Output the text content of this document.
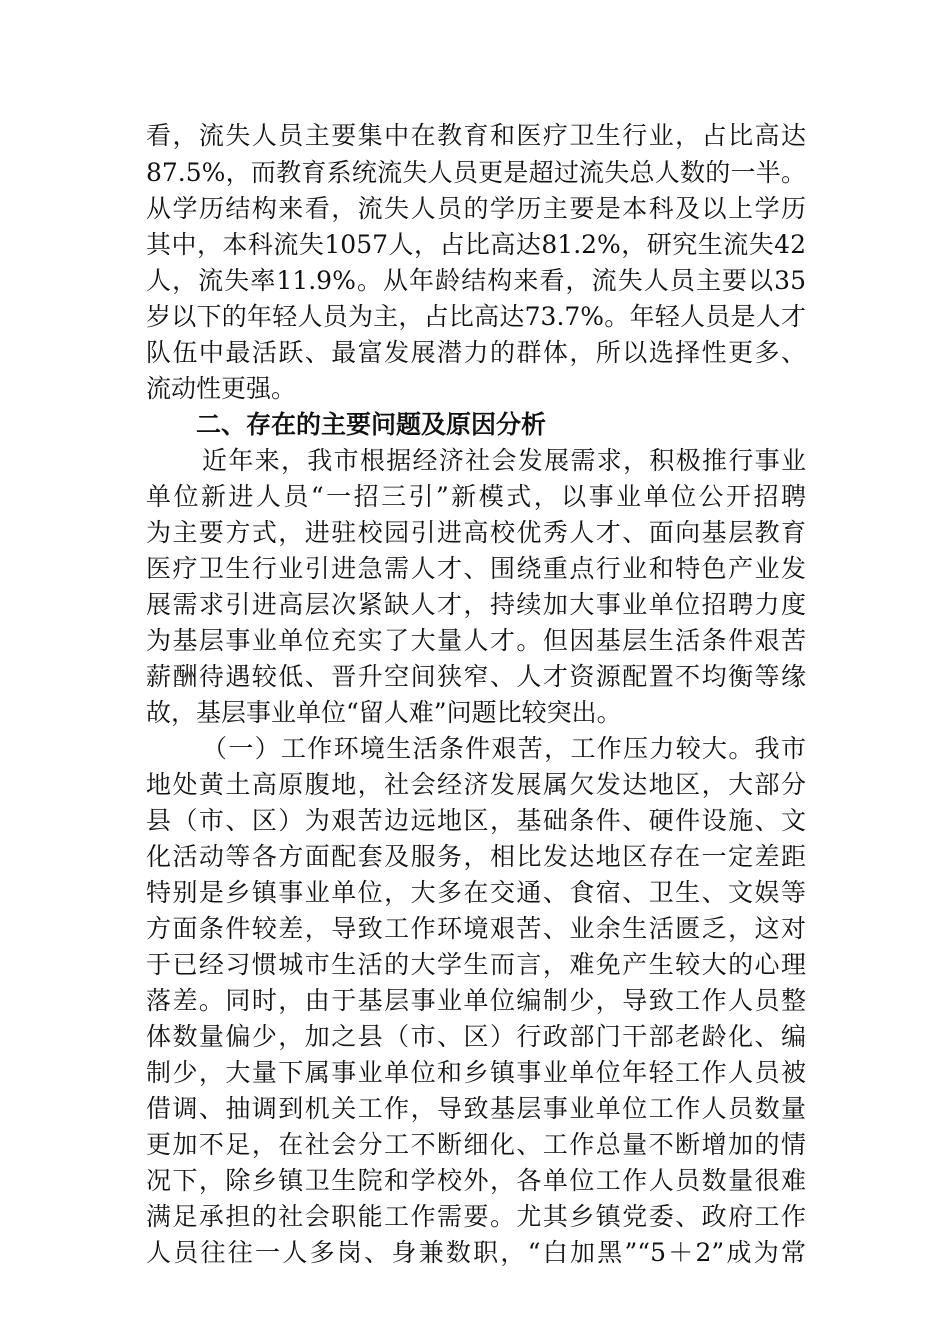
看，流失人员主要集中在教育和医疗卫生行业，占比高达
87.5%，而教育系统流失人员更是超过流失总人数的一半。
从学历结构来看，流失人员的学历主要是本科及以上学历
其中，本科流失1057人，占比高达81.2%，研究生流失42
人，流失率11.9%。从年龄结构来看，流失人员主要以35
岁以下的年轻人员为主，占比高达73.7%。年轻人员是人才
队伍中最活跃、最富发展潜力的群体，所以选择性更多、
流动性更强。
二、存在的主要问题及原因分析
近年来，我市根据经济社会发展需求，积极推行事业
单位新进人员“一招三引”新模式，以事业单位公开招聘
为主要方式，进驻校园引进高校优秀人才、面向基层教育
医疗卫生行业引进急需人才、围绕重点行业和特色产业发
展需求引进高层次紧缺人才，持续加大事业单位招聘力度
为基层事业单位充实了大量人才。但因基层生活条件艰苦
薪酬待遇较低、晋升空间狭窄、人才资源配置不均衡等缘
故，基层事业单位“留人难”问题比较突出。
（一）工作环境生活条件艰苦，工作压力较大。我市
地处黄土高原腹地，社会经济发展属欠发达地区，大部分
县（市、区）为艰苦边远地区，基础条件、硬件设施、文
化活动等各方面配套及服务，相比发达地区存在一定差距
特别是乡镇事业单位，大多在交通、食宿、卫生、文娱等
方面条件较差，导致工作环境艰苦、业余生活匮乏，这对
于已经习惯城市生活的大学生而言，难免产生较大的心理
落差。同时，由于基层事业单位编制少，导致工作人员整
体数量偏少，加之县（市、区）行政部门干部老龄化、编
制少，大量下属事业单位和乡镇事业单位年轻工作人员被
借调、抽调到机关工作，导致基层事业单位工作人员数量
更加不足，在社会分工不断细化、工作总量不断增加的情
况下，除乡镇卫生院和学校外，各单位工作人员数量很难
满足承担的社会职能工作需要。尤其乡镇党委、政府工作
人员往往一人多岗、身兼数职，“白加黑”“5＋2”成为常
